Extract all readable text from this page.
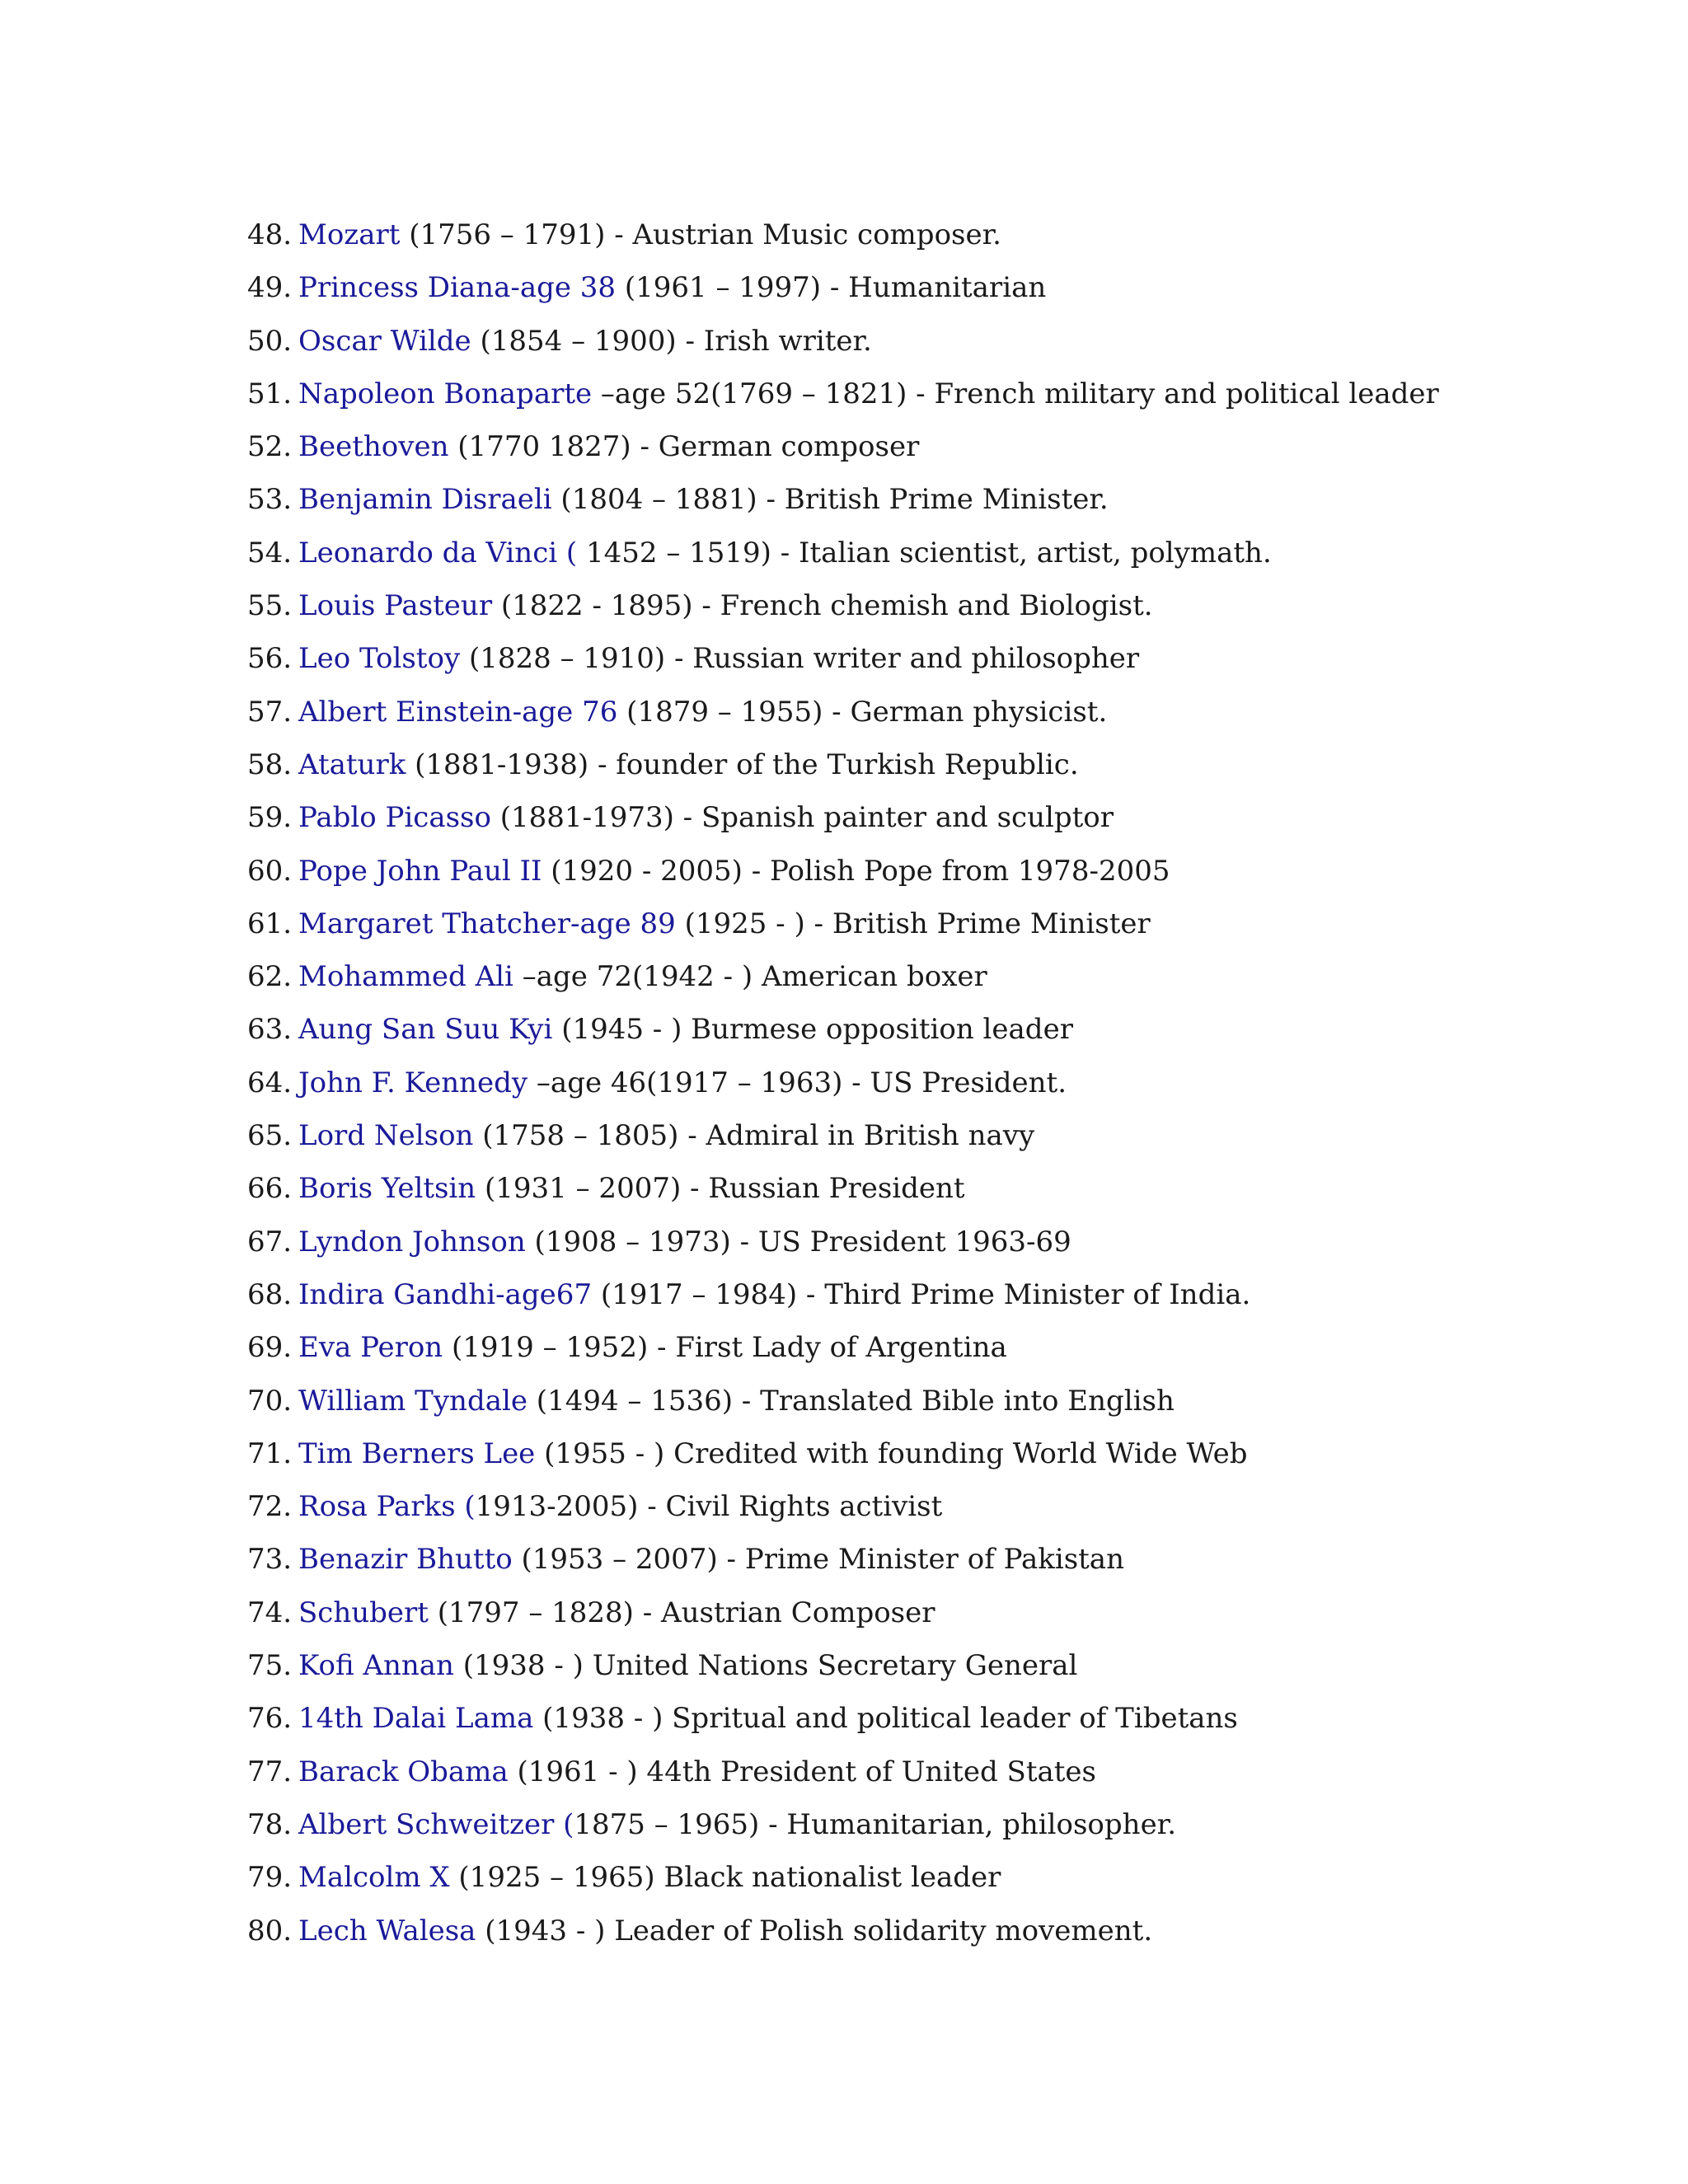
48. Mozart (1756 – 1791) - Austrian Music composer.
49. Princess Diana-age 38 (1961 – 1997) - Humanitarian
50. Oscar Wilde (1854 – 1900) - Irish writer.
51. Napoleon Bonaparte –age 52(1769 – 1821) - French military and political leader
52. Beethoven (1770 1827) - German composer
53. Benjamin Disraeli (1804 – 1881) - British Prime Minister.
54. Leonardo da Vinci ( 1452 – 1519) - Italian scientist, artist, polymath.
55. Louis Pasteur (1822 - 1895) - French chemish and Biologist.
56. Leo Tolstoy (1828 – 1910) - Russian writer and philosopher
57. Albert Einstein-age 76 (1879 – 1955) - German physicist.
58. Ataturk (1881-1938) - founder of the Turkish Republic.
59. Pablo Picasso (1881-1973) - Spanish painter and sculptor
60. Pope John Paul II (1920 - 2005) - Polish Pope from 1978-2005
61. Margaret Thatcher-age 89 (1925 - ) - British Prime Minister
62. Mohammed Ali –age 72(1942 - ) American boxer
63. Aung San Suu Kyi (1945 - ) Burmese opposition leader
64. John F. Kennedy –age 46(1917 – 1963) - US President.
65. Lord Nelson (1758 – 1805) - Admiral in British navy
66. Boris Yeltsin (1931 – 2007) - Russian President
67. Lyndon Johnson (1908 – 1973) - US President 1963-69
68. Indira Gandhi-age67 (1917 – 1984) - Third Prime Minister of India.
69. Eva Peron (1919 – 1952) - First Lady of Argentina
70. William Tyndale (1494 – 1536) - Translated Bible into English
71. Tim Berners Lee (1955 - ) Credited with founding World Wide Web
72. Rosa Parks (1913-2005) - Civil Rights activist
73. Benazir Bhutto (1953 – 2007) - Prime Minister of Pakistan
74. Schubert (1797 – 1828) - Austrian Composer
75. Kofi Annan (1938 - ) United Nations Secretary General
76. 14th Dalai Lama (1938 - ) Spritual and political leader of Tibetans
77. Barack Obama (1961 - ) 44th President of United States
78. Albert Schweitzer (1875 – 1965) - Humanitarian, philosopher.
79. Malcolm X (1925 – 1965) Black nationalist leader
80. Lech Walesa (1943 - ) Leader of Polish solidarity movement.
